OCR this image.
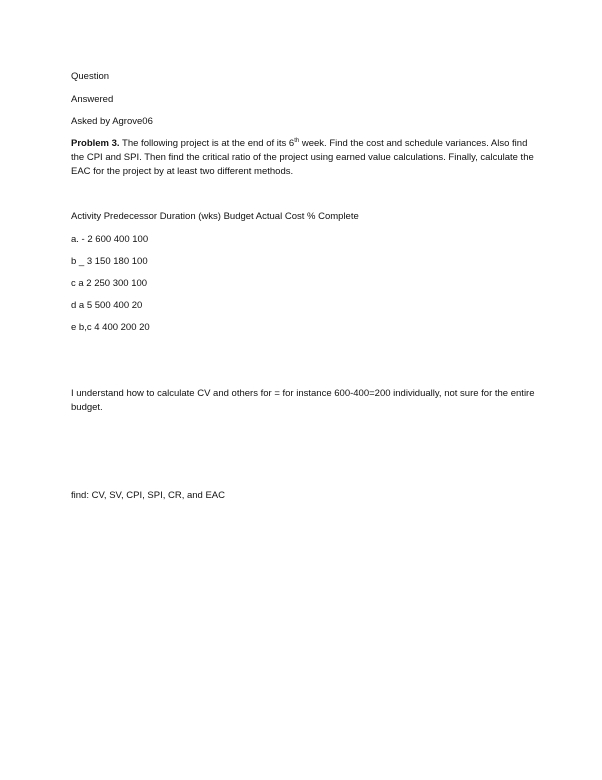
Question

Answered

Asked by Agrove06

Problem 3. The following project is at the end of its 6th week. Find the cost and schedule variances. Also find the CPI and SPI. Then find the critical ratio of the project using earned value calculations. Finally, calculate the EAC for the project by at least two different methods.

Activity Predecessor Duration (wks) Budget Actual Cost % Complete

a. - 2 600 400 100

b _ 3 150 180 100

c a 2 250 300 100

d a 5 500 400 20

e b,c 4 400 200 20

I understand how to calculate CV and others for = for instance 600-400=200 individually, not sure for the entire budget.

find: CV, SV, CPI, SPI, CR, and EAC
